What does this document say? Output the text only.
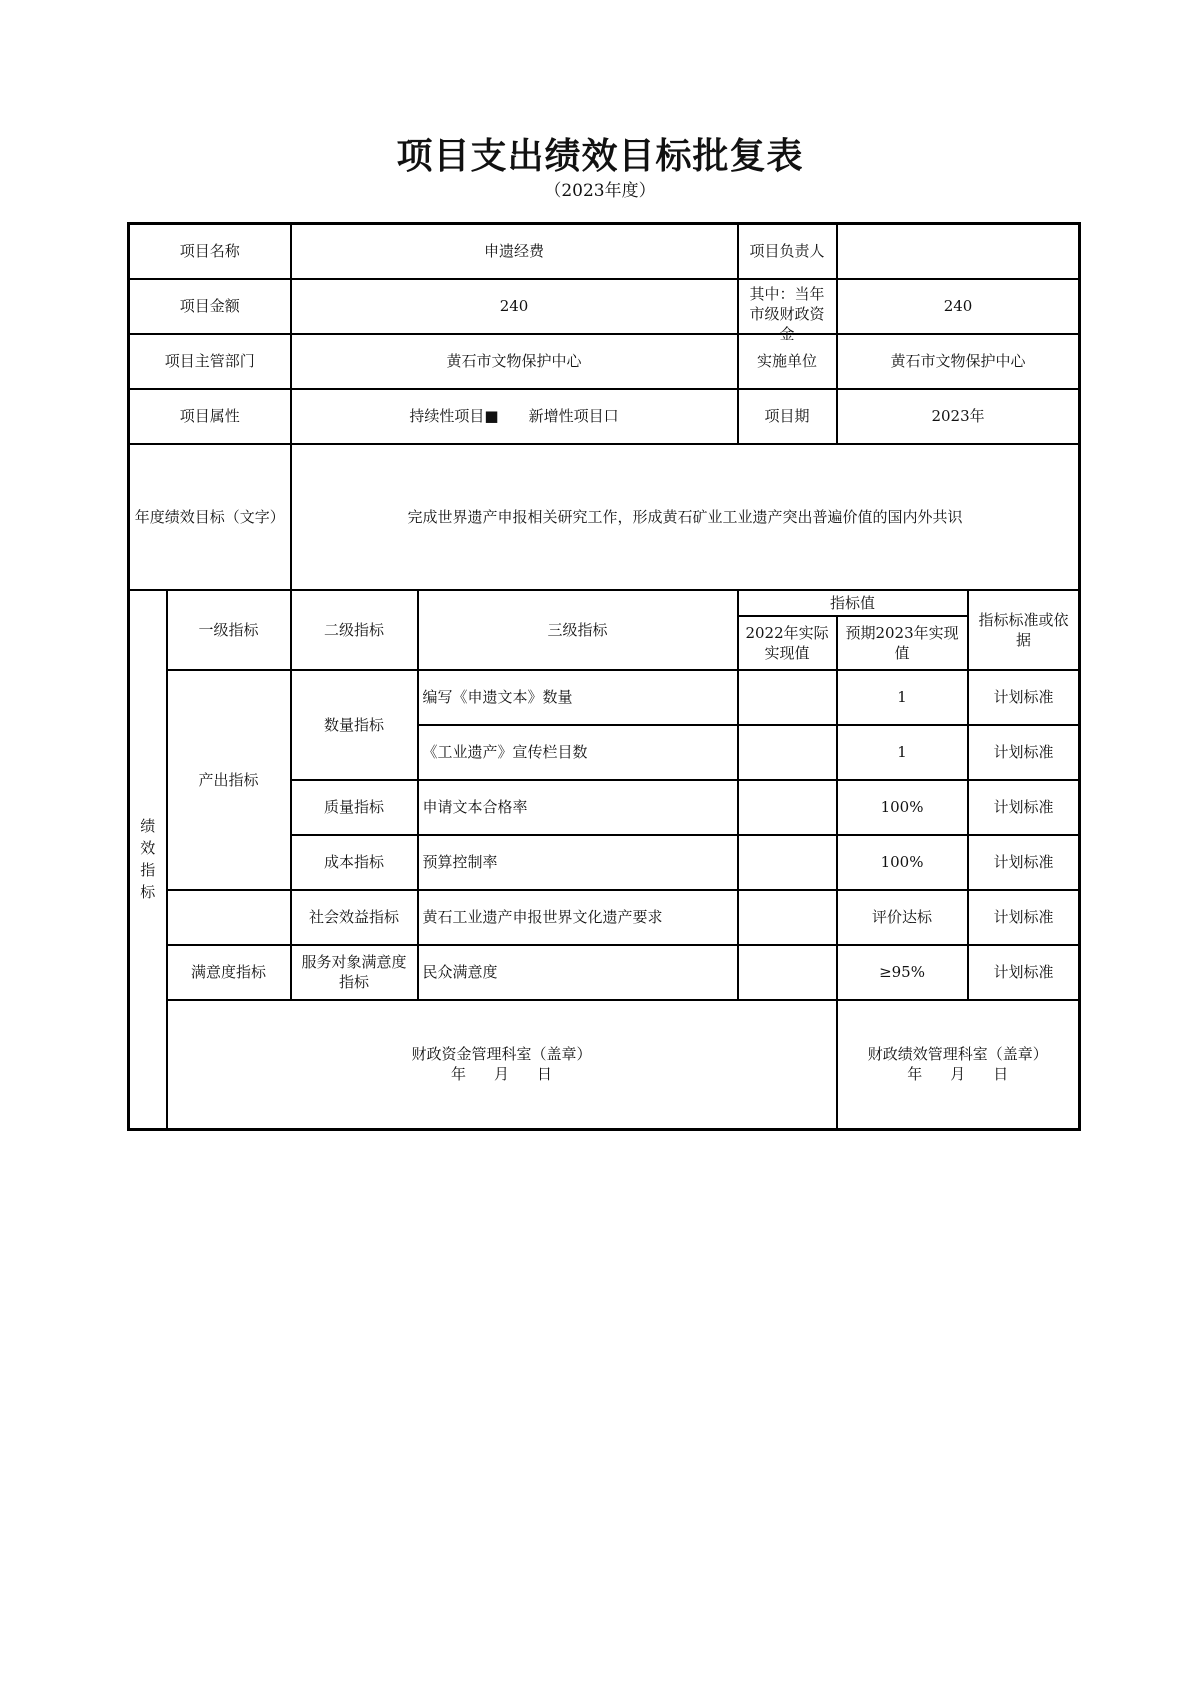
项目支出绩效目标批复表
（2023年度）
项目名称		申遗经费		项目负责人		
项目金额		240		其中：当年市级财政资金	240	
项目主管部门		黄石市文物保护中心		实施单位	黄石市文物保护中心	
项目属性		持续性项目■　　新增性项目口		项目期	2023年	
年度绩效目标（文字）		完成世界遗产申报相关研究工作，形成黄石矿业工业遗产突出普遍价值的国内外共识				

绩
效
指
标	一级指标	二级指标	三级指标	指标值		指标标准或依据
				2022年实际实现值	预期2023年实现值	
	产出指标	数量指标	编写《申遗文本》数量		1	计划标准
			《工业遗产》宣传栏目数		1	计划标准
		质量指标	申请文本合格率		100%	计划标准
		成本指标	预算控制率		100%	计划标准
		社会效益指标	黄石工业遗产申报世界文化遗产要求		评价达标	计划标准
	满意度指标	服务对象满意度指标	民众满意度		≥95%	计划标准

	财政资金管理科室（盖章）
年 月 日				财政绩效管理科室（盖章）
年 月 日	
